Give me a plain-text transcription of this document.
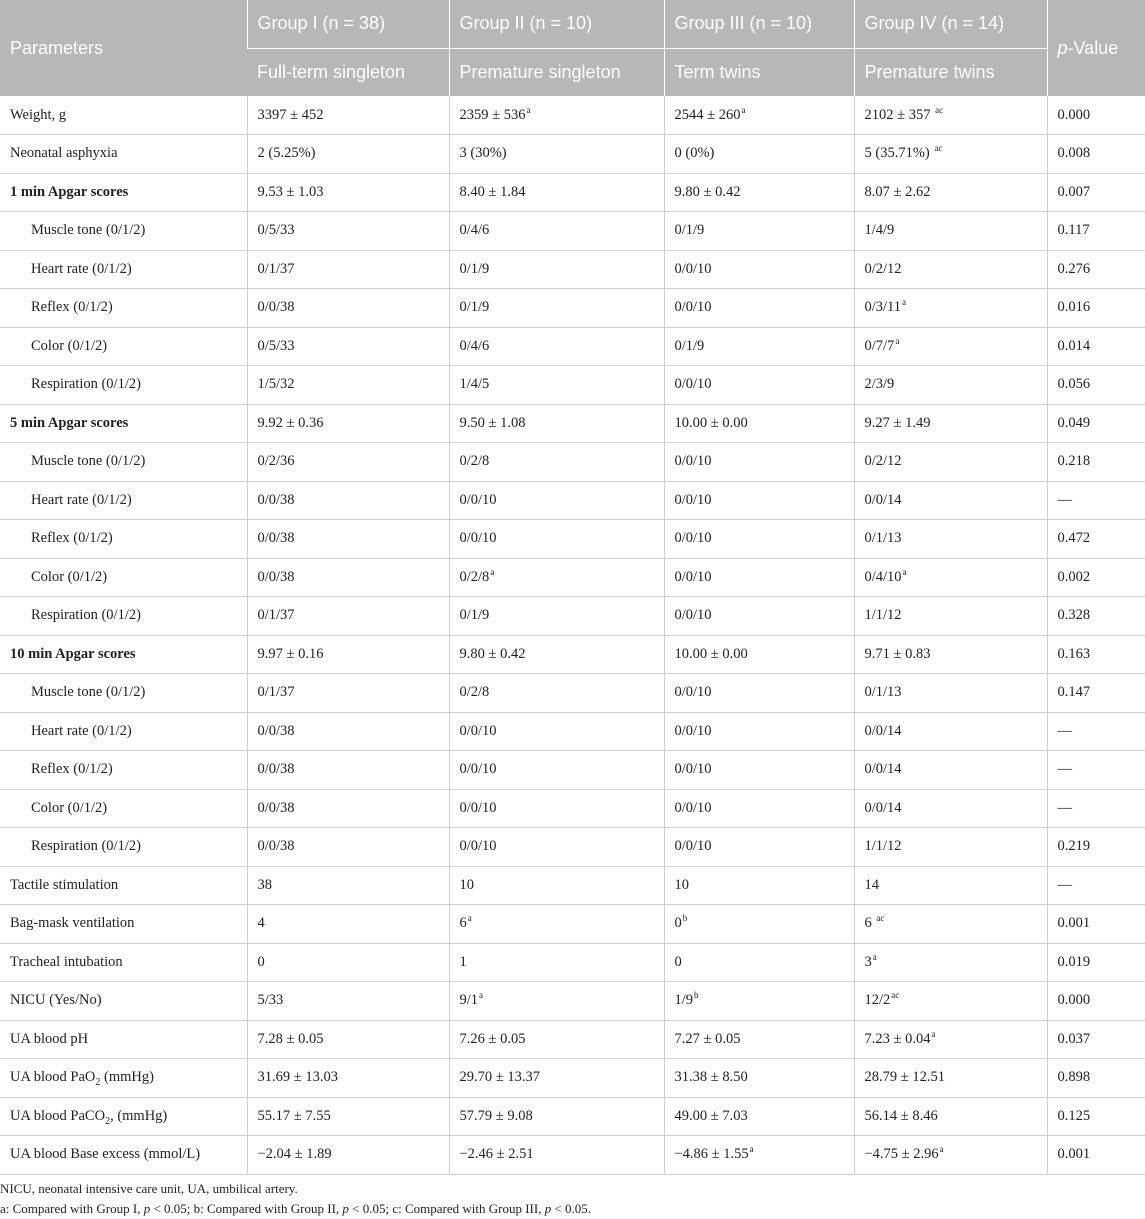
Parameters	Group I (n = 38)	Group II (n = 10)	Group III (n = 10)	Group IV (n = 14)	p-Value
	Full-term singleton	Premature singleton	Term twins	Premature twins	
Weight, g	3397 ± 452	$2359 \pm 536^a$	$2544 \pm 260^a$	2102 ± 357 $^{ac}$	0.000
Neonatal asphyxia	2 (5.25%)	3 (30%)	0 (0%)	5 (35.71%) $^{ac}$	0.008
1 min Apgar scores	9.53 ± 1.03	8.40 ± 1.84	9.80 ± 0.42	8.07 ± 2.62	0.007
Muscle tone (0/1/2)	0/5/33	0/4/6	0/1/9	1/4/9	0.117
Heart rate (0/1/2)	0/1/37	0/1/9	0/0/10	0/2/12	0.276
Reflex (0/1/2)	0/0/38	0/1/9	0/0/10	0/3/11$^a$	0.016
Color (0/1/2)	0/5/33	0/4/6	0/1/9	0/7/7$^a$	0.014
Respiration (0/1/2)	1/5/32	1/4/5	0/0/10	2/3/9	0.056
5 min Apgar scores	9.92 ± 0.36	9.50 ± 1.08	10.00 ± 0.00	9.27 ± 1.49	0.049
Muscle tone (0/1/2)	0/2/36	0/2/8	0/0/10	0/2/12	0.218
Heart rate (0/1/2)	0/0/38	0/0/10	0/0/10	0/0/14	—
Reflex (0/1/2)	0/0/38	0/0/10	0/0/10	0/1/13	0.472
Color (0/1/2)	0/0/38	0/2/8$^a$	0/0/10	0/4/10$^a$	0.002
Respiration (0/1/2)	0/1/37	0/1/9	0/0/10	1/1/12	0.328
10 min Apgar scores	9.97 ± 0.16	9.80 ± 0.42	10.00 ± 0.00	9.71 ± 0.83	0.163
Muscle tone (0/1/2)	0/1/37	0/2/8	0/0/10	0/1/13	0.147
Heart rate (0/1/2)	0/0/38	0/0/10	0/0/10	0/0/14	—
Reflex (0/1/2)	0/0/38	0/0/10	0/0/10	0/0/14	—
Color (0/1/2)	0/0/38	0/0/10	0/0/10	0/0/14	—
Respiration (0/1/2)	0/0/38	0/0/10	0/0/10	1/1/12	0.219
Tactile stimulation	38	10	10	14	—
Bag-mask ventilation	4	6$^a$	0$^b$	6 $^{ac}$	0.001
Tracheal intubation	0	1	0	3$^a$	0.019
NICU (Yes/No)	5/33	9/1$^a$	1/9$^b$	$12/2^{ac}$	0.000
UA blood pH	7.28 ± 0.05	7.26 ± 0.05	7.27 ± 0.05	7.23 ± 0.04$^a$	0.037
UA blood PaO$_2$ (mmHg)	31.69 ± 13.03	29.70 ± 13.37	31.38 ± 8.50	28.79 ± 12.51	0.898
UA blood PaCO$_2$, (mmHg)	55.17 ± 7.55	57.79 ± 9.08	49.00 ± 7.03	56.14 ± 8.46	0.125
UA blood Base excess (mmol/L)	−2.04 ± 1.89	−2.46 ± 2.51	−4.86 ± 1.55$^a$	−4.75 ± 2.96$^a$	0.001
NICU, neonatal intensive care unit, UA, umbilical artery.
a: Compared with Group I, p < 0.05; b: Compared with Group II, p < 0.05; c: Compared with Group III, p < 0.05.
